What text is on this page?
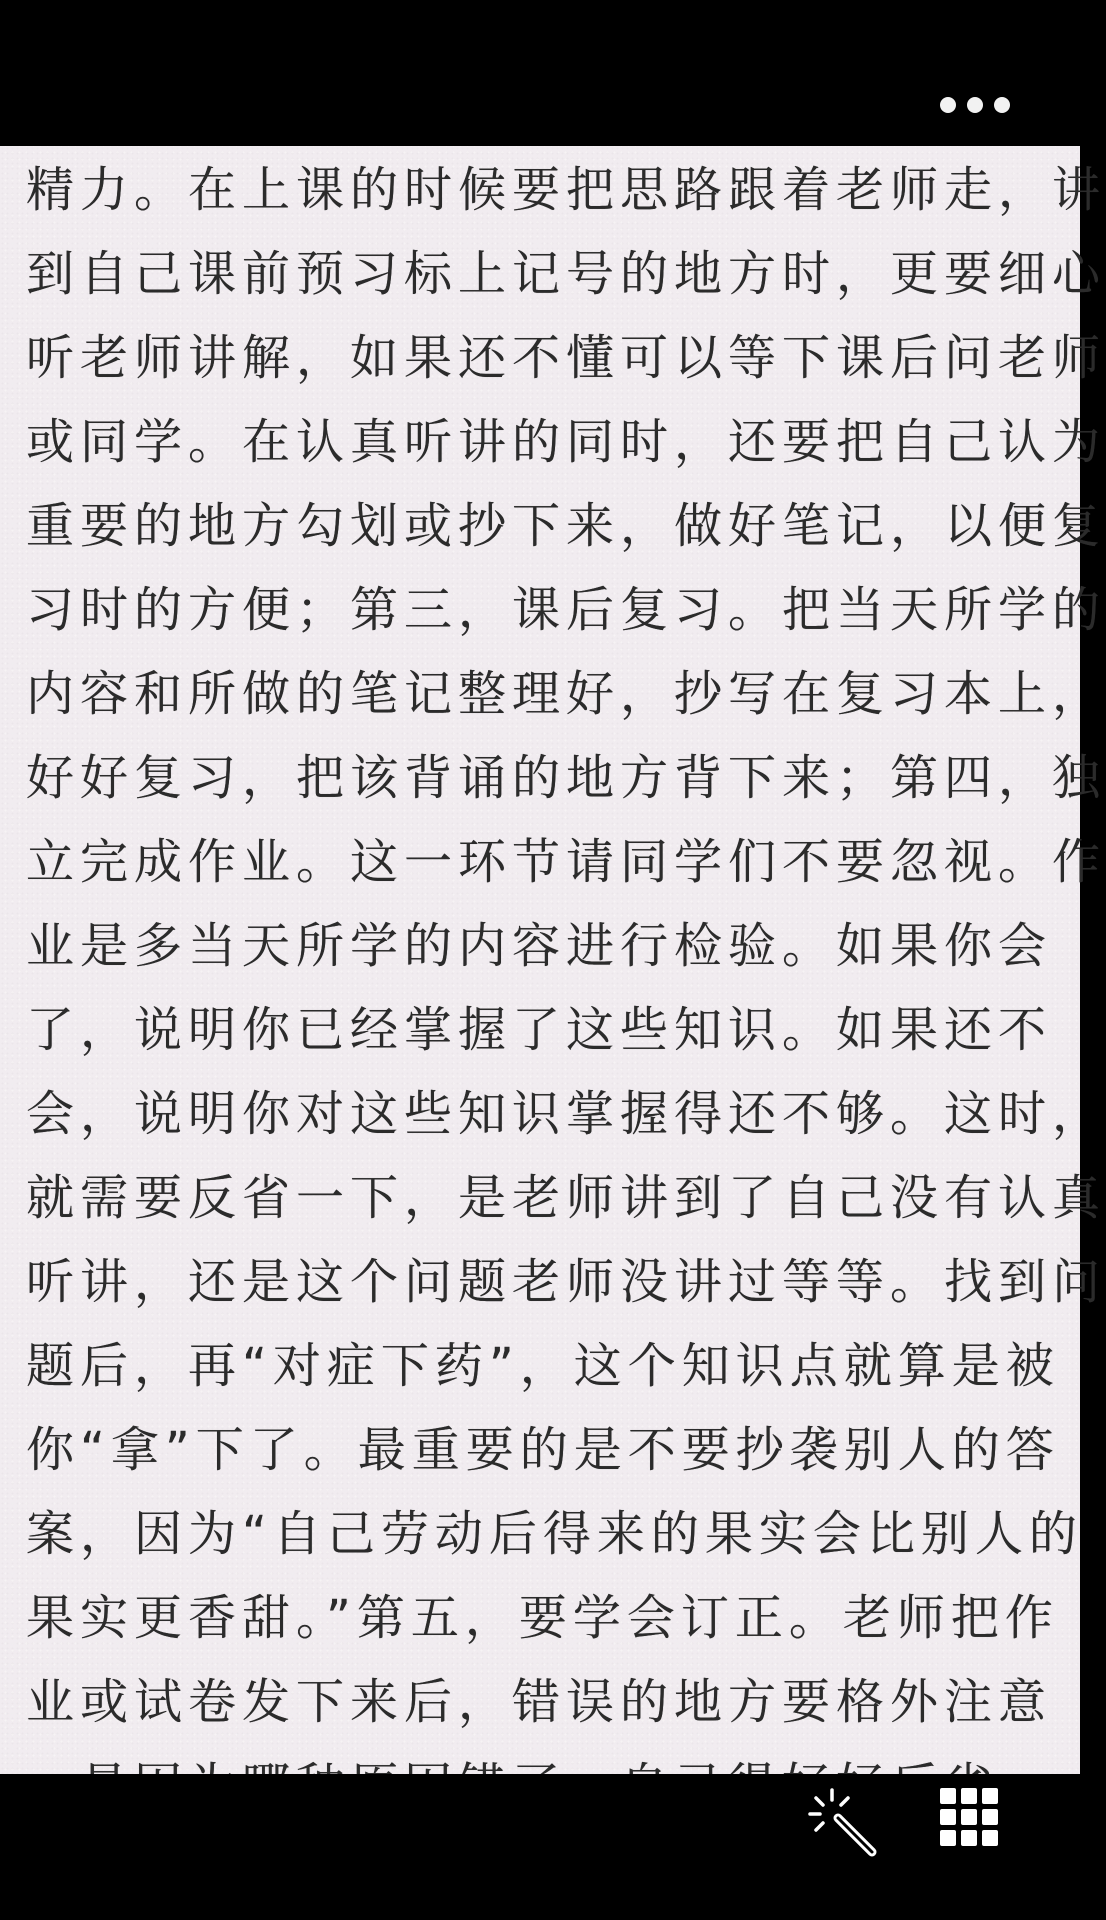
精力。在上课的时候要把思路跟着老师走，讲
到自己课前预习标上记号的地方时，更要细心
听老师讲解，如果还不懂可以等下课后问老师
或同学。在认真听讲的同时，还要把自己认为
重要的地方勾划或抄下来，做好笔记，以便复
习时的方便；第三，课后复习。把当天所学的
内容和所做的笔记整理好，抄写在复习本上，
好好复习，把该背诵的地方背下来；第四，独
立完成作业。这一环节请同学们不要忽视。作
业是多当天所学的内容进行检验。如果你会
了，说明你已经掌握了这些知识。如果还不
会，说明你对这些知识掌握得还不够。这时，
就需要反省一下，是老师讲到了自己没有认真
听讲，还是这个问题老师没讲过等等。找到问
题后，再“对症下药”，这个知识点就算是被
你“拿”下了。最重要的是不要抄袭别人的答
案，因为“自己劳动后得来的果实会比别人的
果实更香甜。”第五，要学会订正。老师把作
业或试卷发下来后，错误的地方要格外注意
